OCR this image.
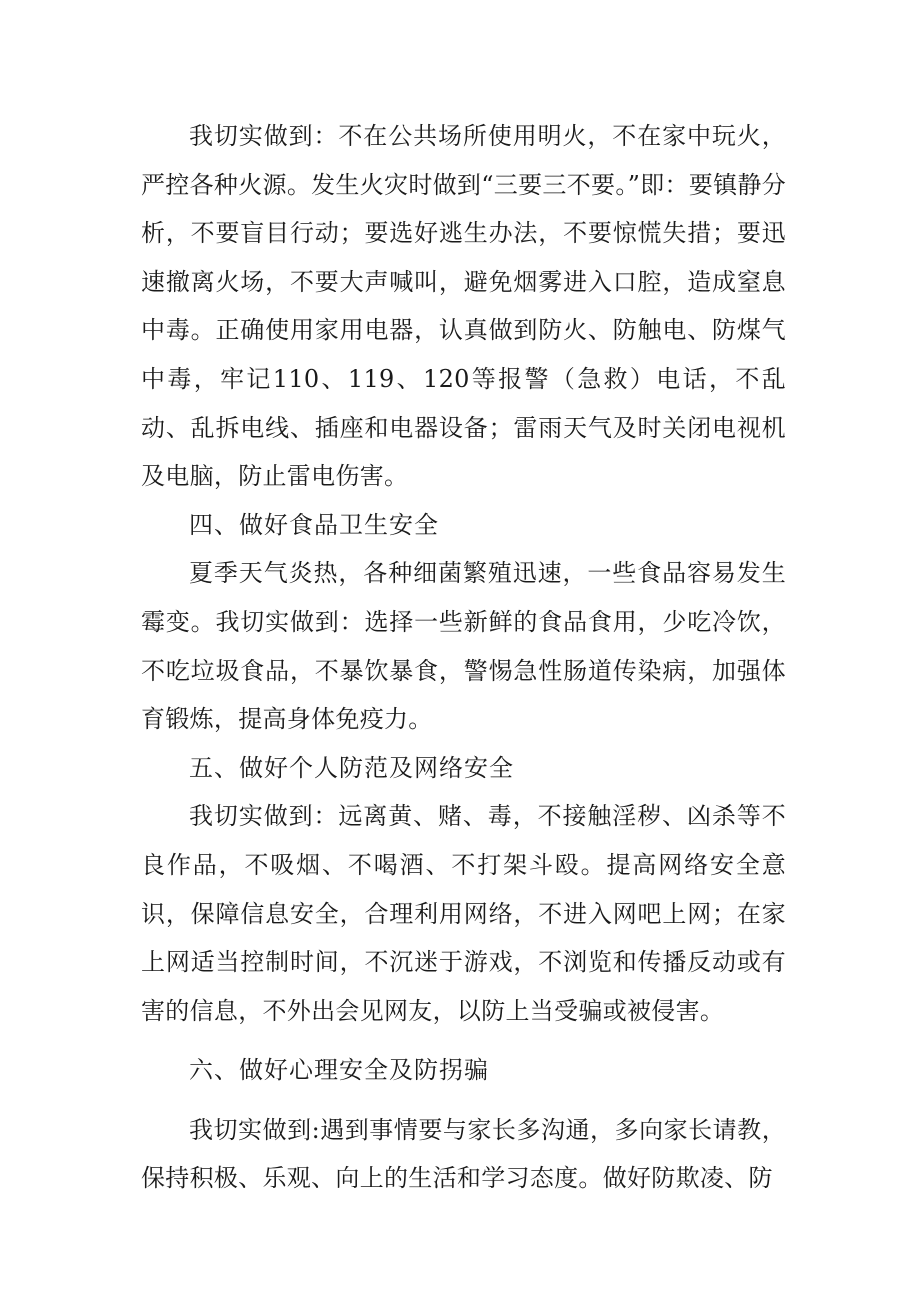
我切实做到：不在公共场所使用明火，不在家中玩火，严控各种火源。发生火灾时做到“三要三不要。”即：要镇静分析，不要盲目行动；要选好逃生办法，不要惊慌失措；要迅速撤离火场，不要大声喊叫，避免烟雾进入口腔，造成窒息中毒。正确使用家用电器，认真做到防火、防触电、防煤气中毒，牢记110、119、120等报警（急救）电话，不乱动、乱拆电线、插座和电器设备；雷雨天气及时关闭电视机及电脑，防止雷电伤害。

四、做好食品卫生安全

夏季天气炎热，各种细菌繁殖迅速，一些食品容易发生霉变。我切实做到：选择一些新鲜的食品食用，少吃冷饮，不吃垃圾食品，不暴饮暴食，警惕急性肠道传染病，加强体育锻炼，提高身体免疫力。

五、做好个人防范及网络安全

我切实做到：远离黄、赌、毒，不接触淫秽、凶杀等不良作品，不吸烟、不喝酒、不打架斗殴。提高网络安全意识，保障信息安全，合理利用网络，不进入网吧上网；在家上网适当控制时间，不沉迷于游戏，不浏览和传播反动或有害的信息，不外出会见网友，以防上当受骗或被侵害。

六、做好心理安全及防拐骗

我切实做到:遇到事情要与家长多沟通，多向家长请教，保持积极、乐观、向上的生活和学习态度。做好防欺凌、防
